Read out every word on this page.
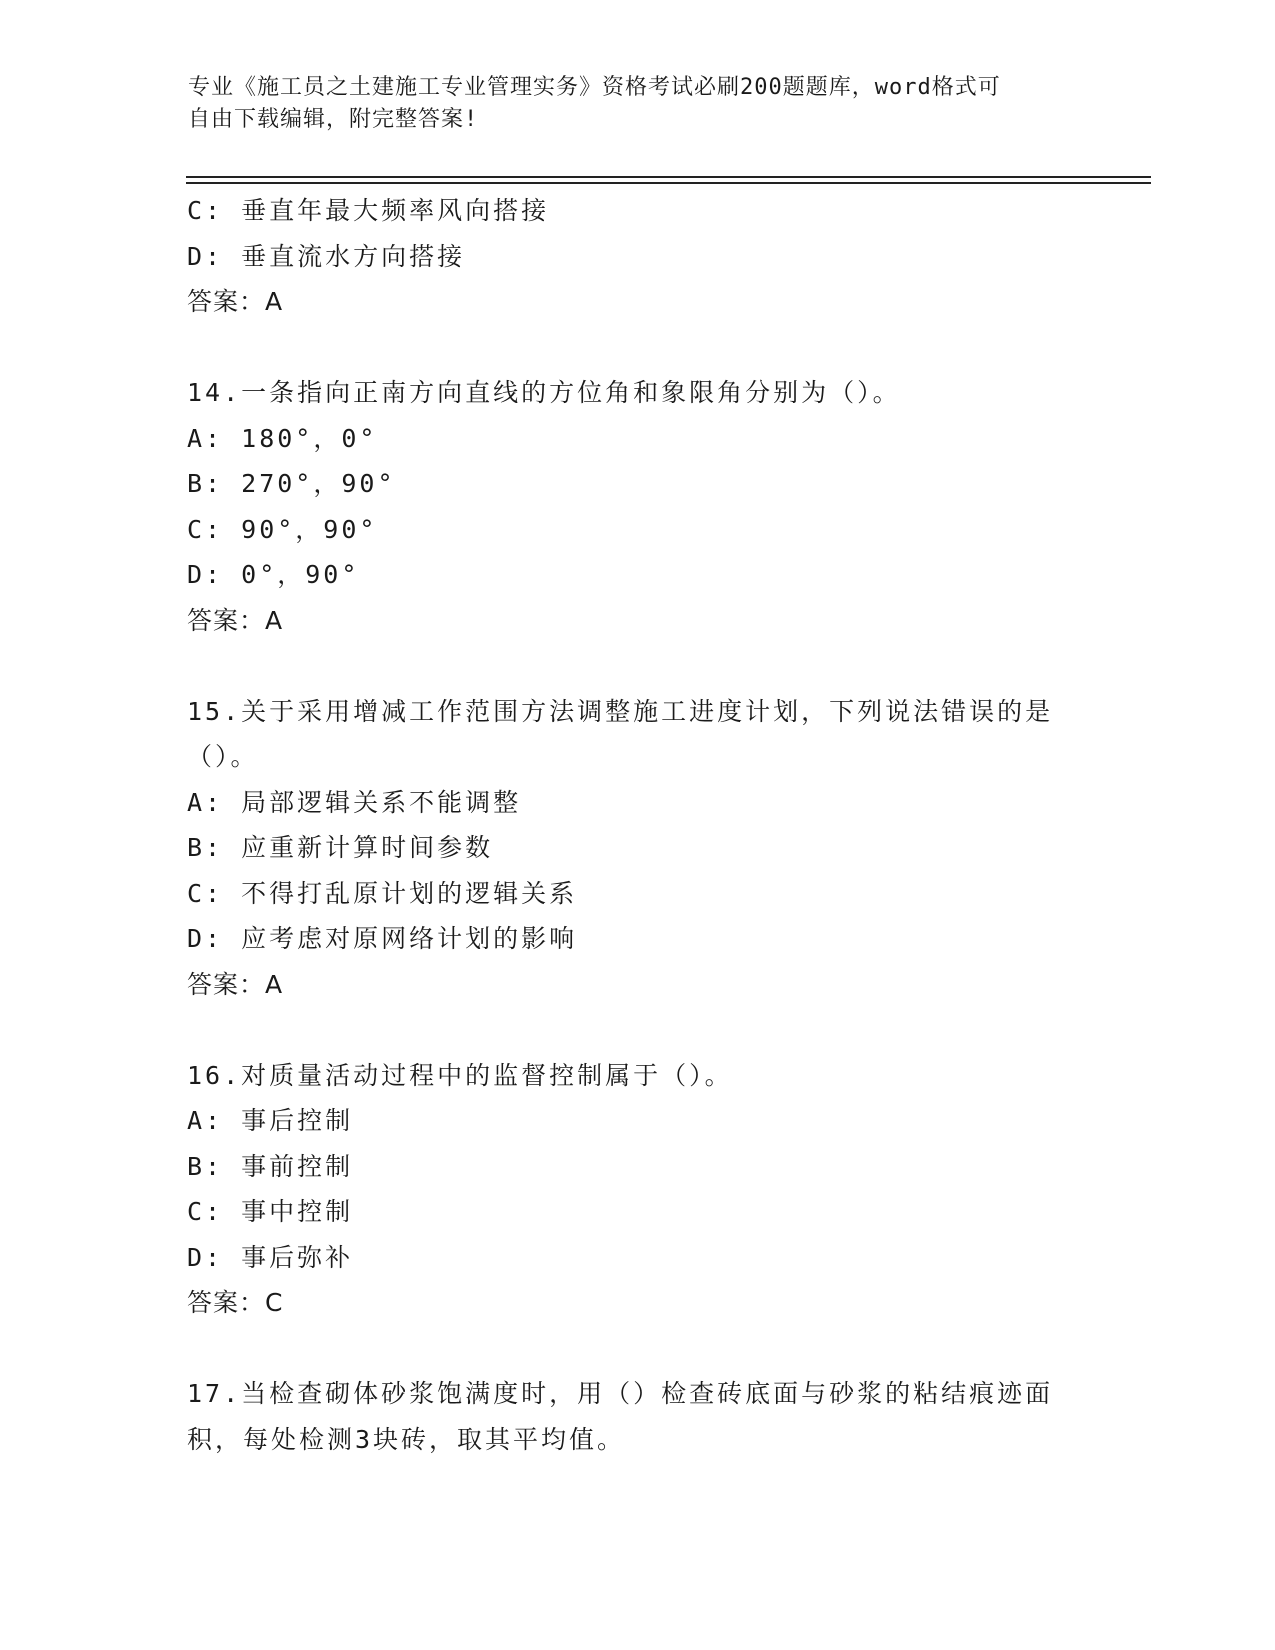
专业《施工员之土建施工专业管理实务》资格考试必刷200题题库，word格式可
自由下载编辑，附完整答案!
C: 垂直年最大频率风向搭接
D: 垂直流水方向搭接
答案：A
14.一条指向正南方向直线的方位角和象限角分别为（）。
A: 180°，0°
B: 270°，90°
C: 90°，90°
D: 0°，90°
答案：A
15.关于采用增减工作范围方法调整施工进度计划，下列说法错误的是
（）。
A: 局部逻辑关系不能调整
B: 应重新计算时间参数
C: 不得打乱原计划的逻辑关系
D: 应考虑对原网络计划的影响
答案：A
16.对质量活动过程中的监督控制属于（）。
A: 事后控制
B: 事前控制
C: 事中控制
D: 事后弥补
答案：C
17.当检查砌体砂浆饱满度时，用（）检查砖底面与砂浆的粘结痕迹面
积，每处检测3块砖，取其平均值。
